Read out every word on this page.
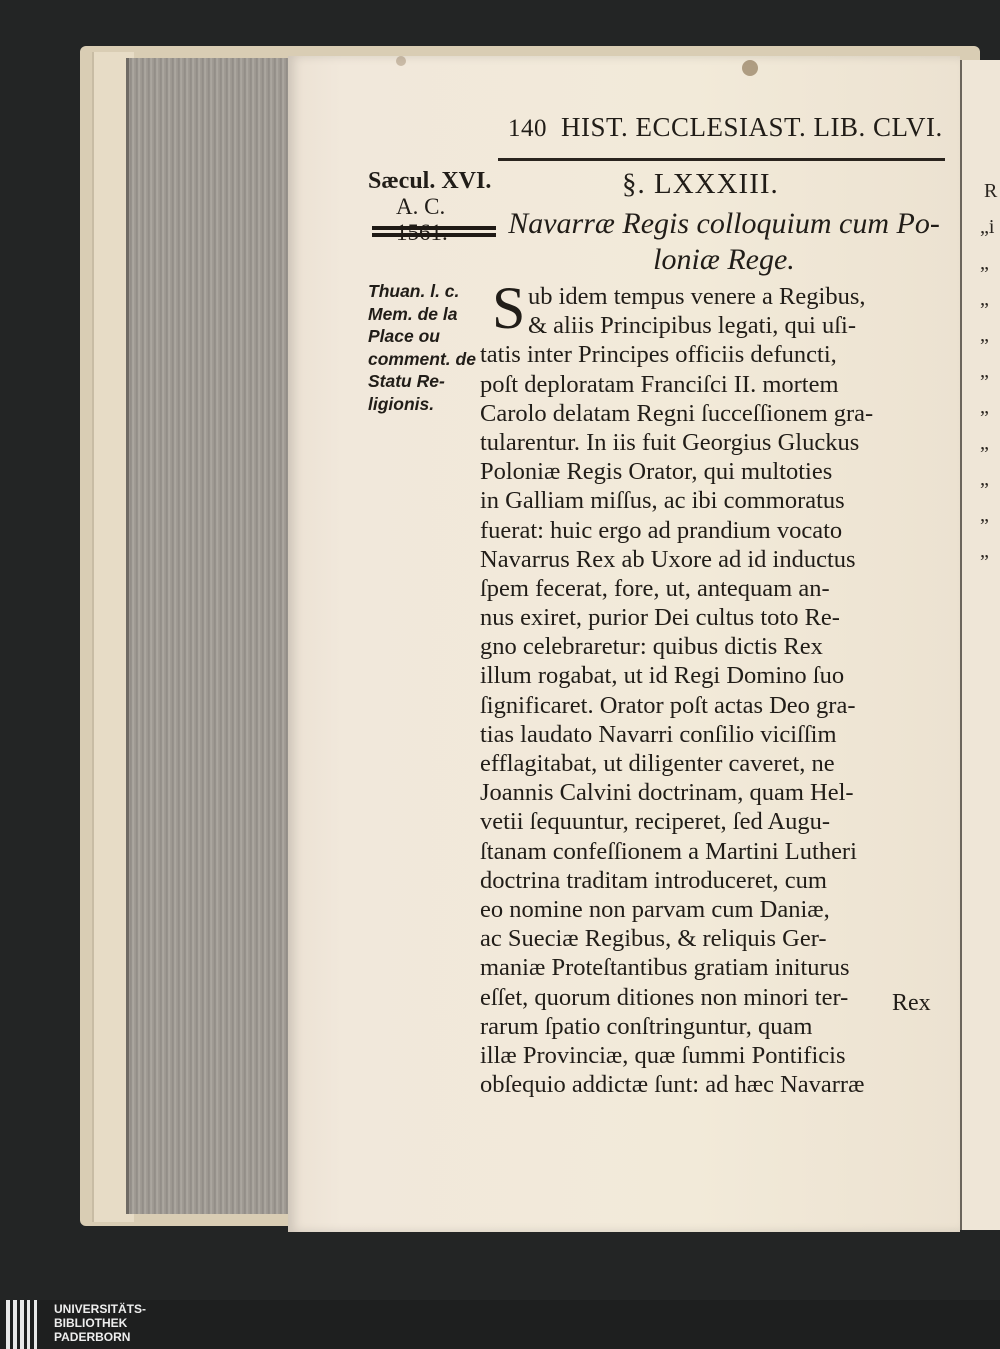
R
„i
„
„
„
„
„
„
„
„
„
140 HIST. ECCLESIAST. LIB. CLVI.
Sæcul. XVI.
A. C.
§. LXXXIII.
Navarræ Regis colloquium cum Po-
loniæ Rege.
Thuan. l. c.
Mem. de la
Place ou
comment. de
Statu Re-
ligionis.
S ub idem tempus venere a Regibus,
& aliis Principibus legati, qui uſi-
tatis inter Principes officiis defuncti,
poſt deploratam Franciſci II. mortem
Carolo delatam Regni ſucceſſionem gra-
tularentur. In iis fuit Georgius Gluckus
Poloniæ Regis Orator, qui multoties
in Galliam miſſus, ac ibi commoratus
fuerat: huic ergo ad prandium vocato
Navarrus Rex ab Uxore ad id inductus
ſpem fecerat, fore, ut, antequam an-
nus exiret, purior Dei cultus toto Re-
gno celebraretur: quibus dictis Rex
illum rogabat, ut id Regi Domino ſuo
ſignificaret. Orator poſt actas Deo gra-
tias laudato Navarri conſilio viciſſim
efflagitabat, ut diligenter caveret, ne
Joannis Calvini doctrinam, quam Hel-
vetii ſequuntur, reciperet, ſed Augu-
ſtanam confeſſionem a Martini Lutheri
doctrina traditam introduceret, cum
eo nomine non parvam cum Daniæ,
ac Sueciæ Regibus, & reliquis Ger-
maniæ Proteſtantibus gratiam initurus
eſſet, quorum ditiones non minori ter-
rarum ſpatio conſtringuntur, quam
illæ Provinciæ, quæ ſummi Pontificis
obſequio addictæ ſunt: ad hæc Navarræ
Rex
UNIVERSITÄTS-
BIBLIOTHEK
PADERBORN
